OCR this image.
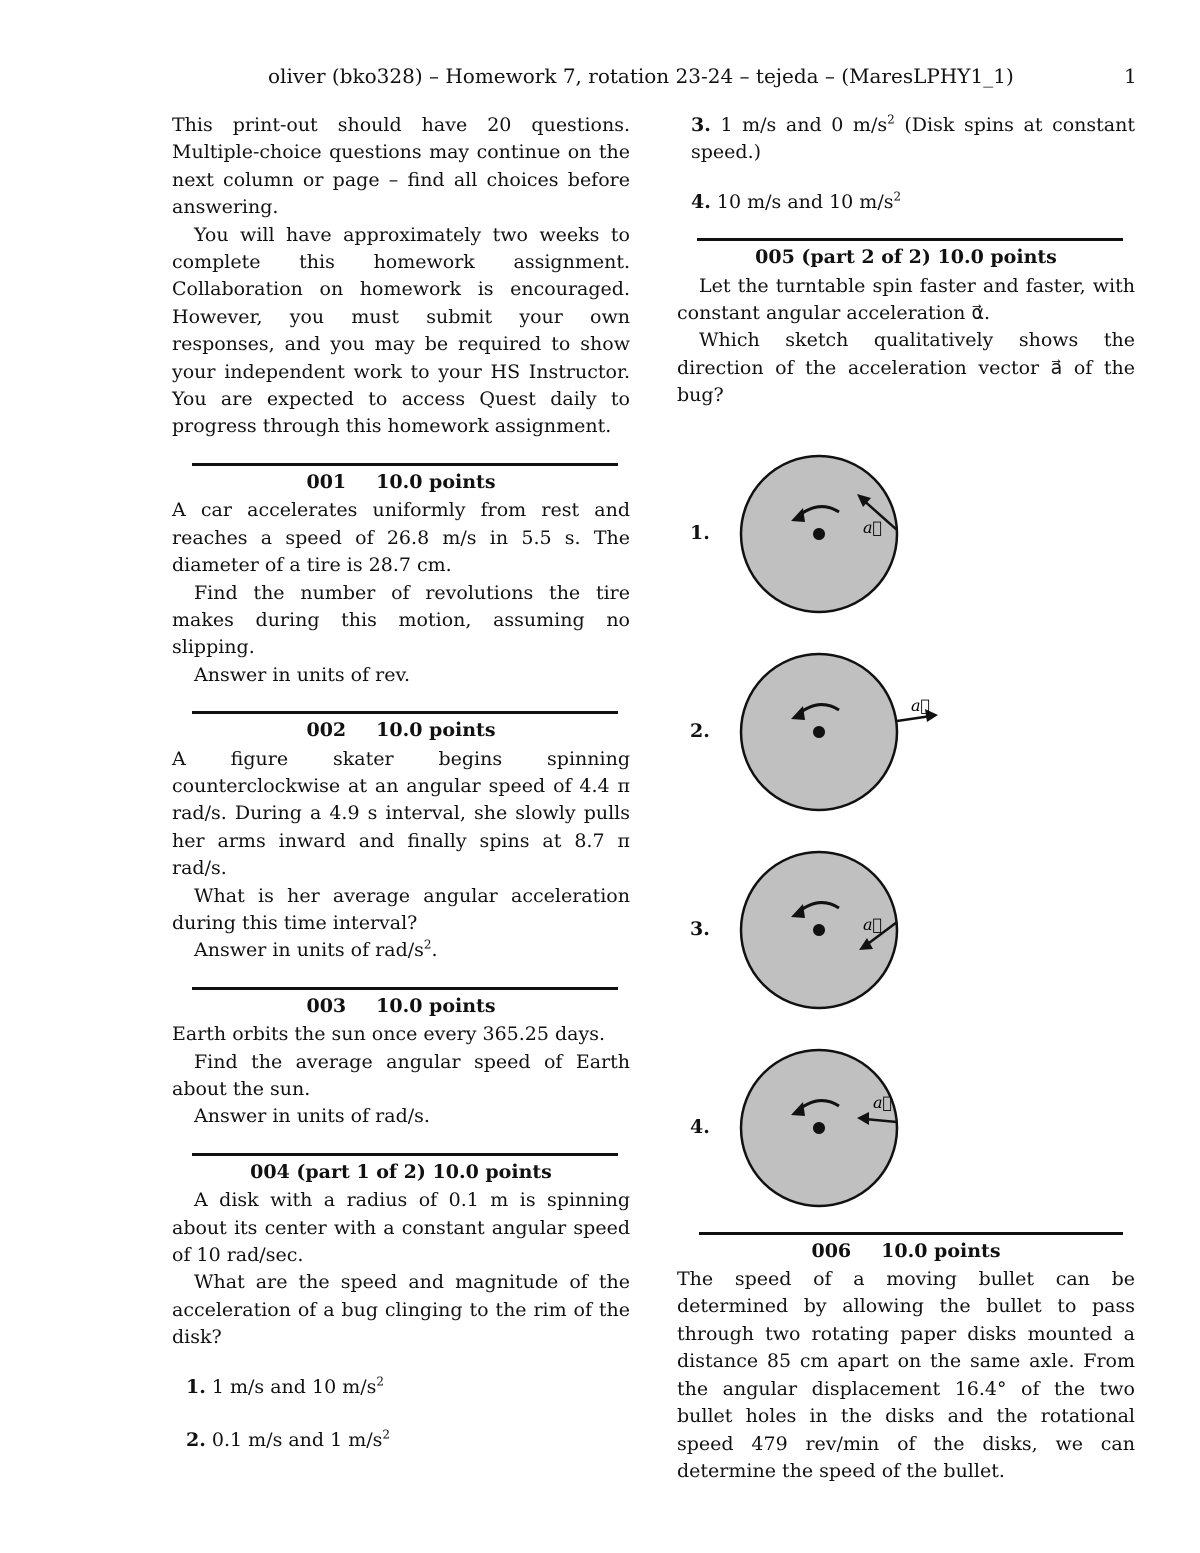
oliver (bko328) – Homework 7, rotation 23-24 – tejeda – (MaresLPHY1_1)	1

This print-out should have 20 questions. Multiple-choice questions may continue on the next column or page – find all choices before answering.

You will have approximately two weeks to complete this homework assignment. Collaboration on homework is encouraged. However, you must submit your own responses, and you may be required to show your independent work to your HS Instructor. You are expected to access Quest daily to progress through this homework assignment.

001 10.0 points

A car accelerates uniformly from rest and reaches a speed of 26.8 m/s in 5.5 s. The diameter of a tire is 28.7 cm.

Find the number of revolutions the tire makes during this motion, assuming no slipping.

Answer in units of rev.

002 10.0 points

A figure skater begins spinning counterclockwise at an angular speed of 4.4 π rad/s. During a 4.9 s interval, she slowly pulls her arms inward and finally spins at 8.7 π rad/s.

What is her average angular acceleration during this time interval?

Answer in units of rad/$s^2$.

003 10.0 points

Earth orbits the sun once every 365.25 days.

Find the average angular speed of Earth about the sun.

Answer in units of rad/s.

004 (part 1 of 2) 10.0 points

A disk with a radius of 0.1 m is spinning about its center with a constant angular speed of 10 rad/sec.

What are the speed and magnitude of the acceleration of a bug clinging to the rim of the disk?

1. 1 m/s and 10 $m/s^2$
2. 0.1 m/s and 1 $m/s^2$

3. 1 m/s and 0 $m/s^2$ (Disk spins at constant speed.)

4. 10 m/s and 10 $m/s^2$
005 (part 2 of 2) 10.0 points

Let the turntable spin faster and faster, with constant angular acceleration α⃗.

Which sketch qualitatively shows the direction of the acceleration vector a⃗ of the bug?

1.	a⃗
2.
a⃗
3.	a⃗
4.
a⃗
006 10.0 points

The speed of a moving bullet can be determined by allowing the bullet to pass through two rotating paper disks mounted a distance 85 cm apart on the same axle. From the angular displacement 16.4° of the two bullet holes in the disks and the rotational speed 479 rev/min of the disks, we can determine the speed of the bullet.
